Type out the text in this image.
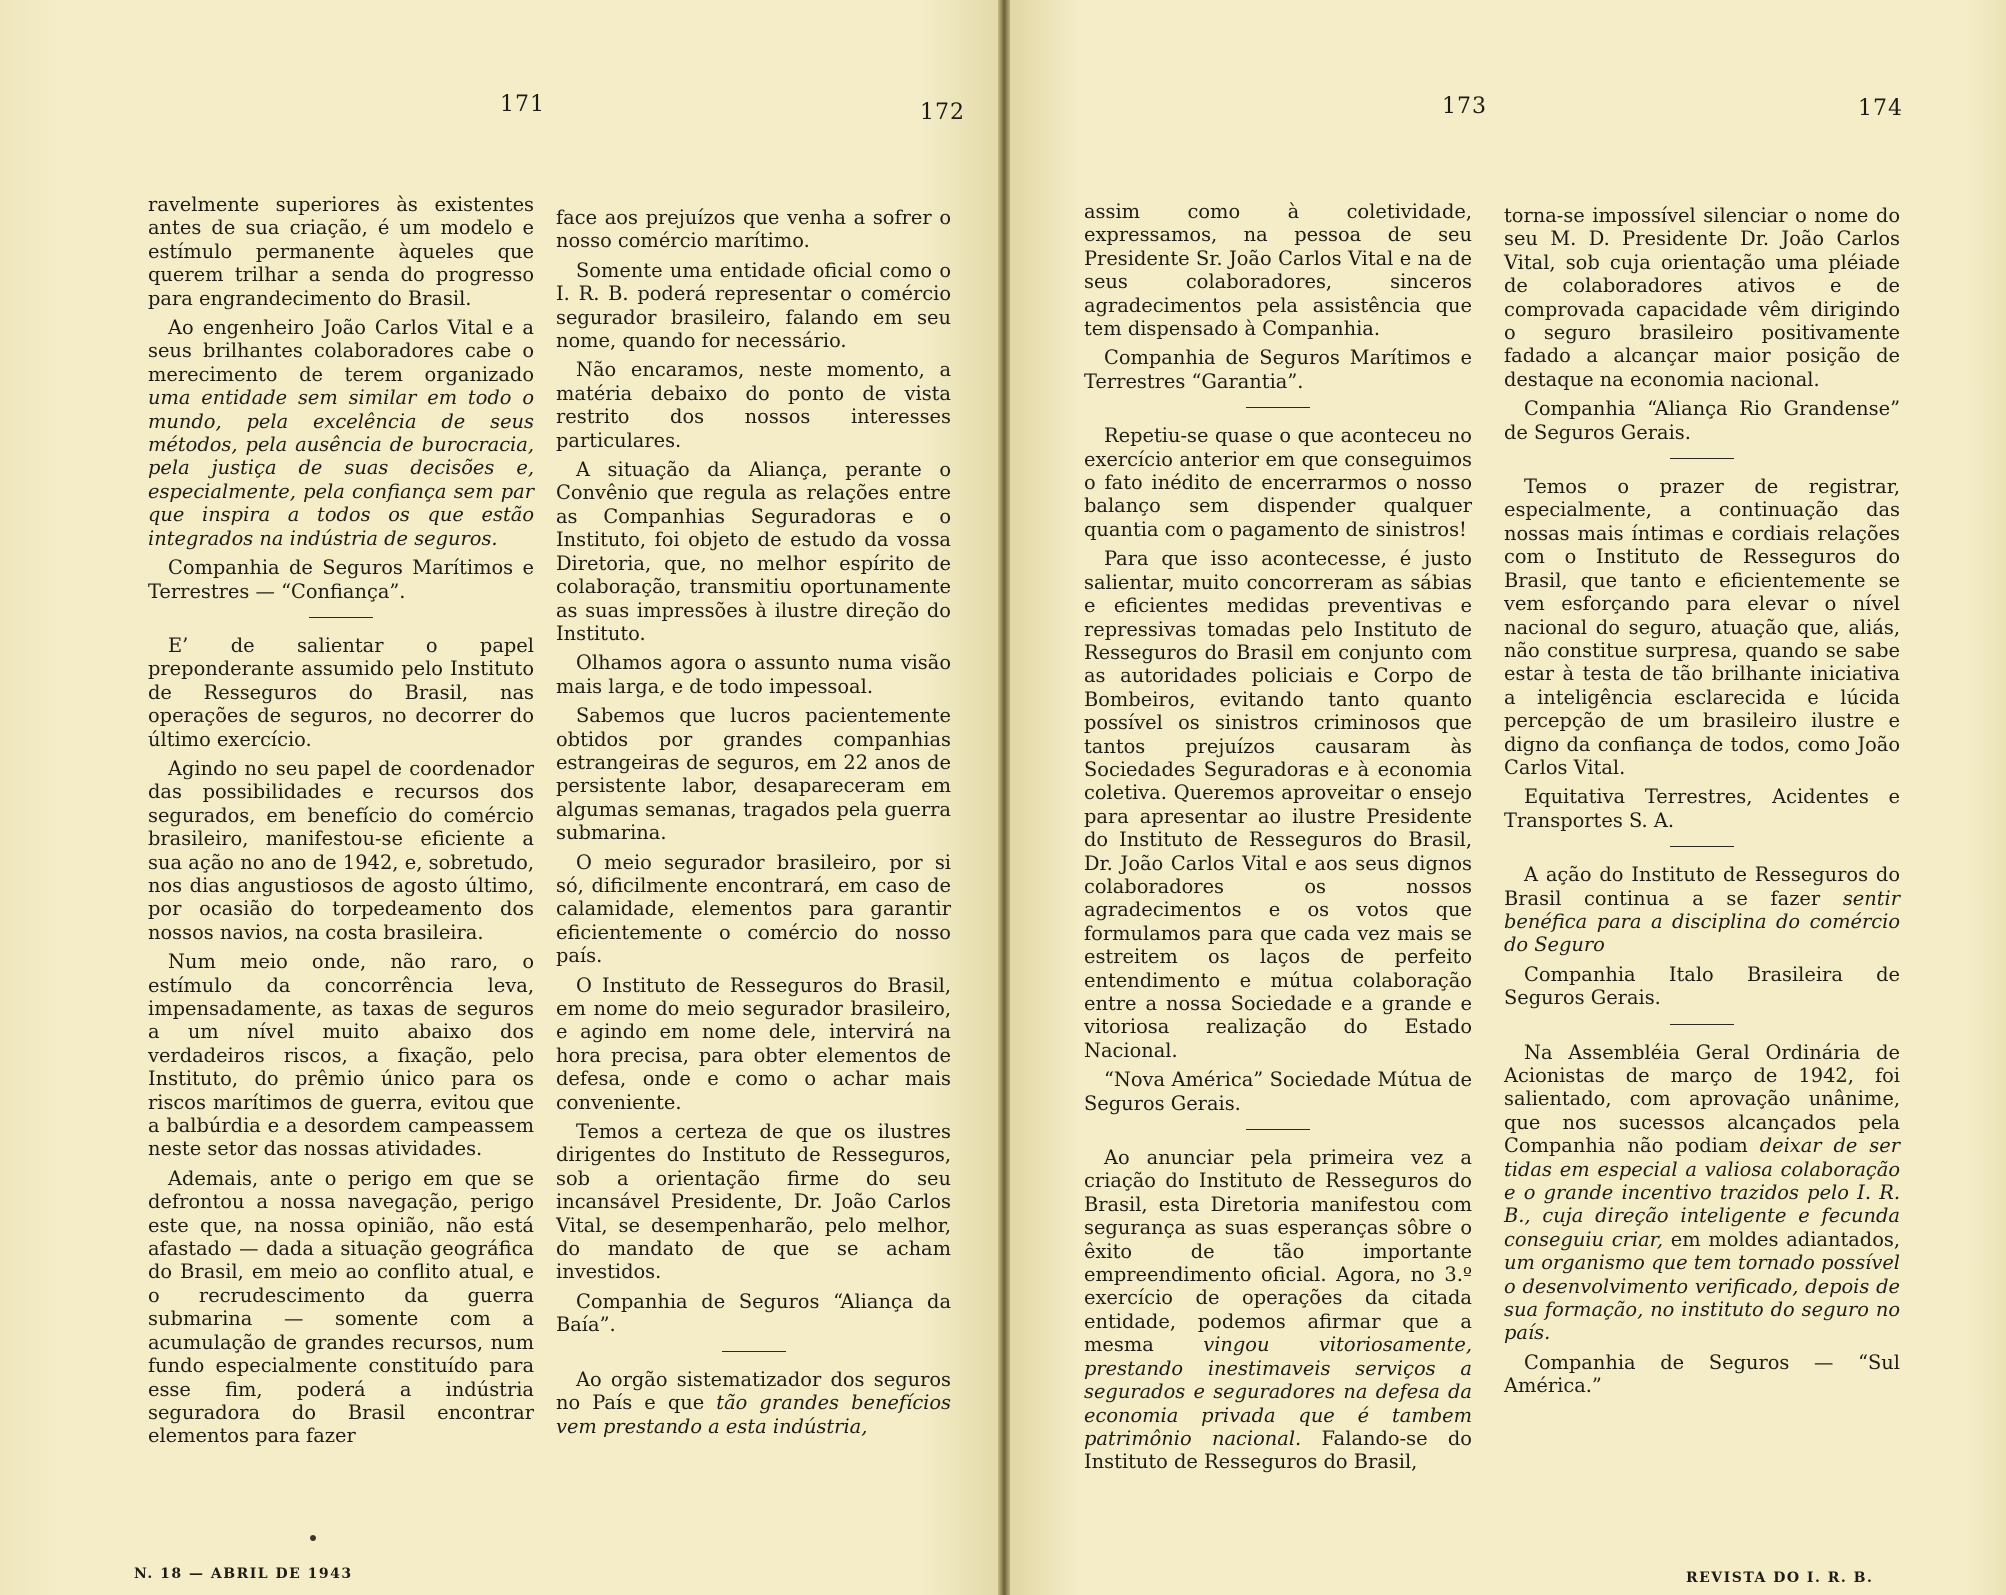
171	172

ravelmente superiores às existentes antes de sua criação, é um modelo e estímulo permanente àqueles que querem trilhar a senda do progresso para engrandecimento do Brasil.

Ao engenheiro João Carlos Vital e a seus brilhantes colaboradores cabe o merecimento de terem organizado uma entidade sem similar em todo o mundo, pela excelência de seus métodos, pela ausência de burocracia, pela justiça de suas decisões e, especialmente, pela confiança sem par que inspira a todos os que estão integrados na indústria de seguros.

Companhia de Seguros Marítimos e Terrestres — “Confiança”.

E’ de salientar o papel preponderante assumido pelo Instituto de Resseguros do Brasil, nas operações de seguros, no decorrer do último exercício.

Agindo no seu papel de coordenador das possibilidades e recursos dos segurados, em benefício do comércio brasileiro, manifestou-se eficiente a sua ação no ano de 1942, e, sobretudo, nos dias angustiosos de agosto último, por ocasião do torpedeamento dos nossos navios, na costa brasileira.

Num meio onde, não raro, o estímulo da concorrência leva, impensadamente, as taxas de seguros a um nível muito abaixo dos verdadeiros riscos, a fixação, pelo Instituto, do prêmio único para os riscos marítimos de guerra, evitou que a balbúrdia e a desordem campeassem neste setor das nossas atividades.

Ademais, ante o perigo em que se defrontou a nossa navegação, perigo este que, na nossa opinião, não está afastado — dada a situação geográfica do Brasil, em meio ao conflito atual, e o recrudescimento da guerra submarina — somente com a acumulação de grandes recursos, num fundo especialmente constituído para esse fim, poderá a indústria seguradora do Brasil encontrar elementos para fazer

face aos prejuízos que venha a sofrer o nosso comércio marítimo.

Somente uma entidade oficial como o I. R. B. poderá representar o comércio segurador brasileiro, falando em seu nome, quando for necessário.

Não encaramos, neste momento, a matéria debaixo do ponto de vista restrito dos nossos interesses particulares.

A situação da Aliança, perante o Convênio que regula as relações entre as Companhias Seguradoras e o Instituto, foi objeto de estudo da vossa Diretoria, que, no melhor espírito de colaboração, transmitiu oportunamente as suas impressões à ilustre direção do Instituto.

Olhamos agora o assunto numa visão mais larga, e de todo impessoal.

Sabemos que lucros pacientemente obtidos por grandes companhias estrangeiras de seguros, em 22 anos de persistente labor, desapareceram em algumas semanas, tragados pela guerra submarina.

O meio segurador brasileiro, por si só, dificilmente encontrará, em caso de calamidade, elementos para garantir eficientemente o comércio do nosso país.

O Instituto de Resseguros do Brasil, em nome do meio segurador brasileiro, e agindo em nome dele, intervirá na hora precisa, para obter elementos de defesa, onde e como o achar mais conveniente.

Temos a certeza de que os ilustres dirigentes do Instituto de Resseguros, sob a orientação firme do seu incansável Presidente, Dr. João Carlos Vital, se desempenharão, pelo melhor, do mandato de que se acham investidos.

Companhia de Seguros “Aliança da Baía”.

Ao orgão sistematizador dos seguros no País e que tão grandes benefícios vem prestando a esta indústria,

N. 18 — ABRIL DE 1943
173	174

assim como à coletividade, expressamos, na pessoa de seu Presidente Sr. João Carlos Vital e na de seus colaboradores, sinceros agradecimentos pela assistência que tem dispensado à Companhia.

Companhia de Seguros Marítimos e Terrestres “Garantia”.

Repetiu-se quase o que aconteceu no exercício anterior em que conseguimos o fato inédito de encerrarmos o nosso balanço sem dispender qualquer quantia com o pagamento de sinistros!

Para que isso acontecesse, é justo salientar, muito concorreram as sábias e eficientes medidas preventivas e repressivas tomadas pelo Instituto de Resseguros do Brasil em conjunto com as autoridades policiais e Corpo de Bombeiros, evitando tanto quanto possível os sinistros criminosos que tantos prejuízos causaram às Sociedades Seguradoras e à economia coletiva. Queremos aproveitar o ensejo para apresentar ao ilustre Presidente do Instituto de Resseguros do Brasil, Dr. João Carlos Vital e aos seus dignos colaboradores os nossos agradecimentos e os votos que formulamos para que cada vez mais se estreitem os laços de perfeito entendimento e mútua colaboração entre a nossa Sociedade e a grande e vitoriosa realização do Estado Nacional.

“Nova América” Sociedade Mútua de Seguros Gerais.

Ao anunciar pela primeira vez a criação do Instituto de Resseguros do Brasil, esta Diretoria manifestou com segurança as suas esperanças sôbre o êxito de tão importante empreendimento oficial. Agora, no 3.º exercício de operações da citada entidade, podemos afirmar que a mesma vingou vitoriosamente, prestando inestimaveis serviços a segurados e seguradores na defesa da economia privada que é tambem patrimônio nacional. Falando-se do Instituto de Resseguros do Brasil,

torna-se impossível silenciar o nome do seu M. D. Presidente Dr. João Carlos Vital, sob cuja orientação uma pléiade de colaboradores ativos e de comprovada capacidade vêm dirigindo o seguro brasileiro positivamente fadado a alcançar maior posição de destaque na economia nacional.

Companhia “Aliança Rio Grandense” de Seguros Gerais.

Temos o prazer de registrar, especialmente, a continuação das nossas mais íntimas e cordiais relações com o Instituto de Resseguros do Brasil, que tanto e eficientemente se vem esforçando para elevar o nível nacional do seguro, atuação que, aliás, não constitue surpresa, quando se sabe estar à testa de tão brilhante iniciativa a inteligência esclarecida e lúcida percepção de um brasileiro ilustre e digno da confiança de todos, como João Carlos Vital.

Equitativa Terrestres, Acidentes e Transportes S. A.

A ação do Instituto de Resseguros do Brasil continua a se fazer sentir benéfica para a disciplina do comércio do Seguro

Companhia Italo Brasileira de Seguros Gerais.

Na Assembléia Geral Ordinária de Acionistas de março de 1942, foi salientado, com aprovação unânime, que nos sucessos alcançados pela Companhia não podiam deixar de ser tidas em especial a valiosa colaboração e o grande incentivo trazidos pelo I. R. B., cuja direção inteligente e fecunda conseguiu criar, em moldes adiantados, um organismo que tem tornado possível o desenvolvimento verificado, depois de sua formação, no instituto do seguro no país.

Companhia de Seguros — “Sul América.”

REVISTA DO I. R. B.
